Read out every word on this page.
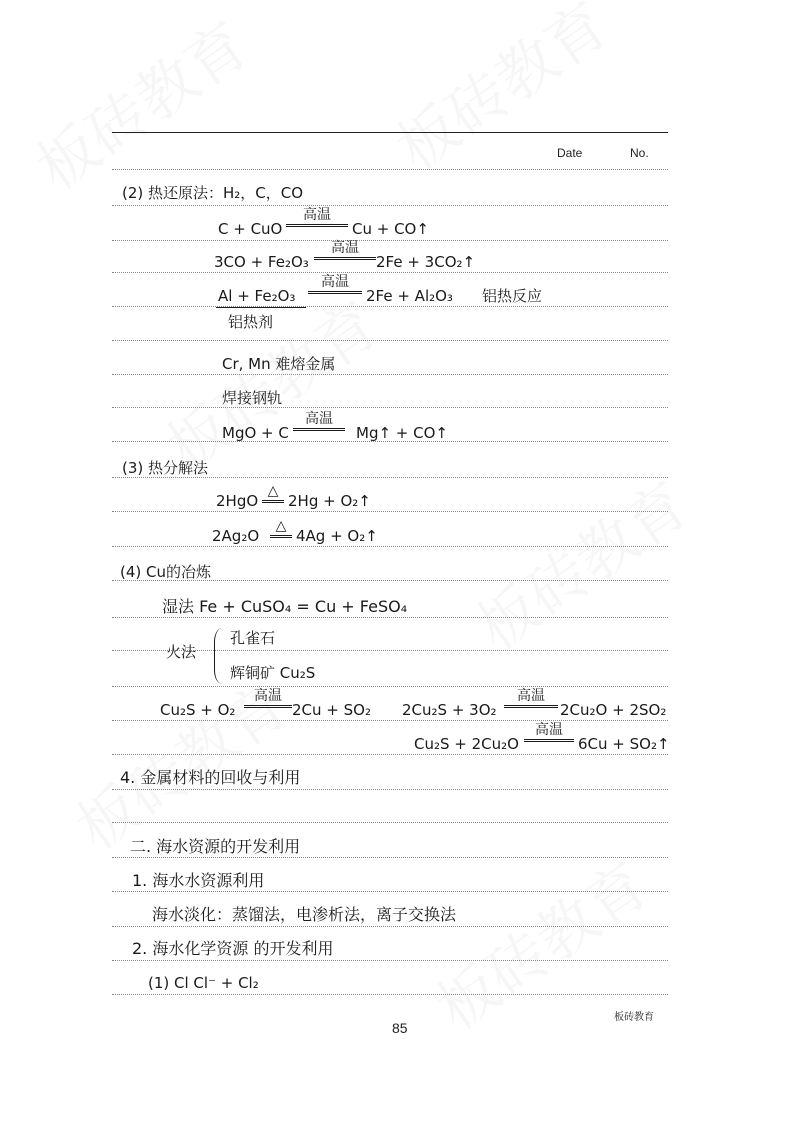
Date	No.
(2) 热还原法：H₂，C，CO
C + CuO
高温
Cu + CO↑
3CO + Fe₂O₃
高温
2Fe + 3CO₂↑
Al + Fe₂O₃
高温
2Fe + Al₂O₃ 铝热反应
铝热剂
Cr, Mn 难熔金属
焊接钢轨
MgO + C
高温
Mg↑ + CO↑
(3) 热分解法
2HgO
△
2Hg + O₂↑
2Ag₂O
△
4Ag + O₂↑
(4) Cu的冶炼
湿法 Fe + CuSO₄ = Cu + FeSO₄
火法
孔雀石
辉铜矿 Cu₂S
Cu₂S + O₂
高温
2Cu + SO₂ 2Cu₂S + 3O₂
高温
2Cu₂O + 2SO₂
Cu₂S + 2Cu₂O
高温
6Cu + SO₂↑
4. 金属材料的回收与利用
二. 海水资源的开发利用
1. 海水水资源利用
海水淡化：蒸馏法，电渗析法，离子交换法
2. 海水化学资源 的开发利用
(1) Cl Cl⁻ + Cl₂
85
板砖教育
